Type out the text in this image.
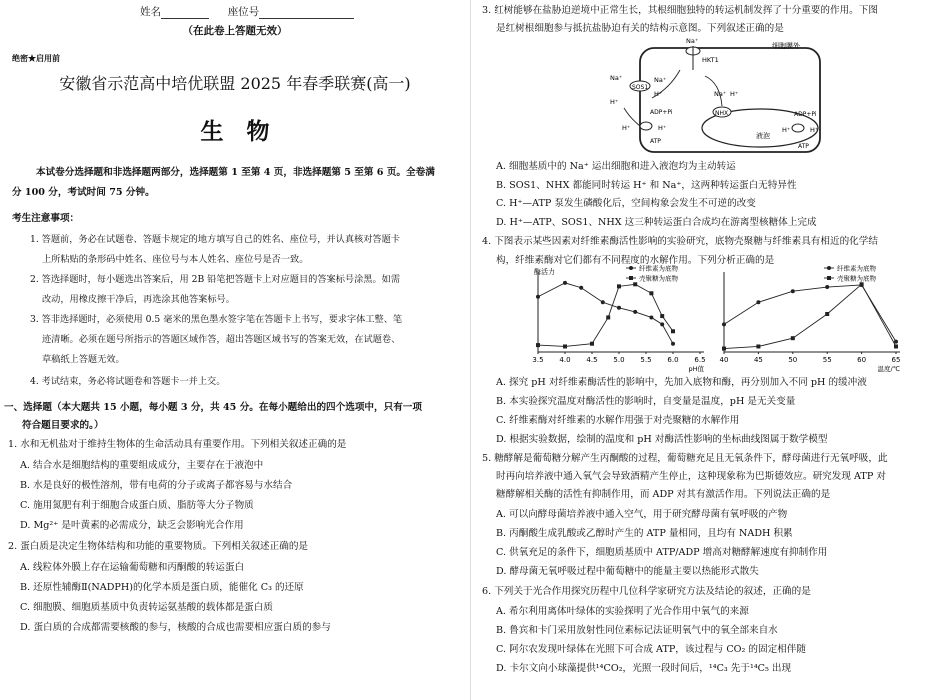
姓名	座位号
（在此卷上答题无效）
绝密★启用前
安徽省示范高中培优联盟 2025 年春季联赛(高一)
生　物
本试卷分选择题和非选择题两部分，选择题第 1 至第 4 页，非选择题第 5 至第 6 页。全卷满
分 100 分，考试时间 75 分钟。
考生注意事项：
1. 答题前，务必在试题卷、答题卡规定的地方填写自己的姓名、座位号，并认真核对答题卡
上所粘贴的条形码中姓名、座位号与本人姓名、座位号是否一致。
2. 答选择题时，每小题选出答案后，用 2B 铅笔把答题卡上对应题目的答案标号涂黑。如需
改动，用橡皮擦干净后，再选涂其他答案标号。
3. 答非选择题时，必须使用 0.5 毫米的黑色墨水签字笔在答题卡上书写，要求字体工整、笔
迹清晰。必须在题号所指示的答题区域作答，超出答题区域书写的答案无效，在试题卷、
草稿纸上答题无效。
4. 考试结束，务必将试题卷和答题卡一并上交。
一、选择题（本大题共 15 小题，每小题 3 分，共 45 分。在每小题给出的四个选项中，只有一项
符合题目要求的。）
1. 水和无机盐对于维持生物体的生命活动具有重要作用。下列相关叙述正确的是
A. 结合水是细胞结构的重要组成成分，主要存在于液泡中
B. 水是良好的极性溶剂，带有电荷的分子或离子都容易与水结合
C. 施用氮肥有利于细胞合成蛋白质、脂肪等大分子物质
D. Mg²⁺ 是叶黄素的必需成分，缺乏会影响光合作用
2. 蛋白质是决定生物体结构和功能的重要物质。下列相关叙述正确的是
A. 线粒体外膜上存在运输葡萄糖和丙酮酸的转运蛋白
B. 还原性辅酶Ⅱ(NADPH)的化学本质是蛋白质，能催化 C₃ 的还原
C. 细胞膜、细胞质基质中负责转运氨基酸的载体都是蛋白质
D. 蛋白质的合成都需要核酸的参与，核酸的合成也需要相应蛋白质的参与
3. 红树能够在盐胁迫逆境中正常生长，其根细胞独特的转运机制发挥了十分重要的作用。下图
是红树根细胞参与抵抗盐胁迫有关的结构示意图。下列叙述正确的是
细胞膜外
液泡
HKT1
Na⁺
SOS1
Na⁺
H⁺
Na⁺
H⁺
ADP+Pi
H⁺	H⁺
ATP
NHX
Na⁺ H⁺
ADP+Pi
H⁺
H⁺
ATP
A. 细胞基质中的 Na⁺ 运出细胞和进入液泡均为主动转运
B. SOS1、NHX 都能同时转运 H⁺ 和 Na⁺，这两种转运蛋白无特异性
C. H⁺—ATP 泵发生磷酸化后，空间构象会发生不可逆的改变
D. H⁺—ATP、SOS1、NHX 这三种转运蛋白合成均在游离型核糖体上完成
4. 下图表示某些因素对纤维素酶活性影响的实验研究，底物壳聚糖与纤维素具有相近的化学结
构，纤维素酶对它们都有不同程度的水解作用。下列分析正确的是
酶活力
3.5 4.0 4.5 5.0 5.5 6.0 6.5
pH值
纤维素为底物
壳聚糖为底物
40	45	50	55	60	65
温度/℃
纤维素为底物
壳聚糖为底物
A. 探究 pH 对纤维素酶活性的影响中，先加入底物和酶，再分别加入不同 pH 的缓冲液
B. 本实验探究温度对酶活性的影响时，自变量是温度，pH 是无关变量
C. 纤维素酶对纤维素的水解作用强于对壳聚糖的水解作用
D. 根据实验数据，绘制的温度和 pH 对酶活性影响的坐标曲线图属于数学模型
5. 糖酵解是葡萄糖分解产生丙酮酸的过程，葡萄糖充足且无氧条件下，酵母菌进行无氧呼吸，此
时再向培养液中通入氧气会导致酒精产生停止，这种现象称为巴斯德效应。研究发现 ATP 对
糖酵解相关酶的活性有抑制作用，而 ADP 对其有激活作用。下列说法正确的是
A. 可以向酵母菌培养液中通入空气，用于研究酵母菌有氧呼吸的产物
B. 丙酮酸生成乳酸或乙醇时产生的 ATP 量相同，且均有 NADH 积累
C. 供氧充足的条件下，细胞质基质中 ATP/ADP 增高对糖酵解速度有抑制作用
D. 酵母菌无氧呼吸过程中葡萄糖中的能量主要以热能形式散失
6. 下列关于光合作用探究历程中几位科学家研究方法及结论的叙述，正确的是
A. 希尔利用离体叶绿体的实验探明了光合作用中氧气的来源
B. 鲁宾和卡门采用放射性同位素标记法证明氧气中的氧全部来自水
C. 阿尔农发现叶绿体在光照下可合成 ATP，该过程与 CO₂ 的固定相伴随
D. 卡尔文向小球藻提供¹⁴CO₂，光照一段时间后，¹⁴C₃ 先于¹⁴C₅ 出现
